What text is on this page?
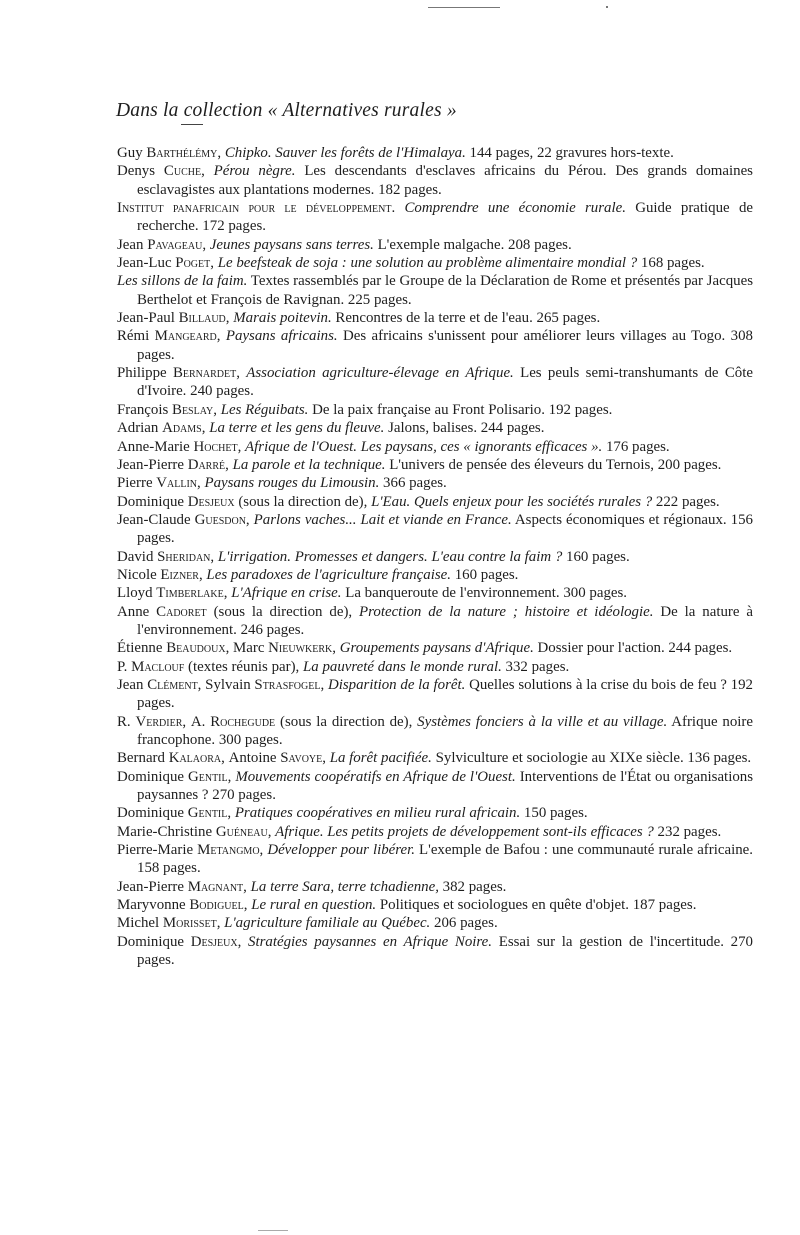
Dans la collection « Alternatives rurales »
Guy Barthélémy, Chipko. Sauver les forêts de l'Himalaya. 144 pages, 22 gravures hors-texte.
Denys Cuche, Pérou nègre. Les descendants d'esclaves africains du Pérou. Des grands domaines esclavagistes aux plantations modernes. 182 pages.
Institut panafricain pour le développement. Comprendre une économie rurale. Guide pratique de recherche. 172 pages.
Jean Pavageau, Jeunes paysans sans terres. L'exemple malgache. 208 pages.
Jean-Luc Poget, Le beefsteak de soja : une solution au problème alimentaire mondial ? 168 pages.
Les sillons de la faim. Textes rassemblés par le Groupe de la Déclaration de Rome et présentés par Jacques Berthelot et François de Ravignan. 225 pages.
Jean-Paul Billaud, Marais poitevin. Rencontres de la terre et de l'eau. 265 pages.
Rémi Mangeard, Paysans africains. Des africains s'unissent pour améliorer leurs villages au Togo. 308 pages.
Philippe Bernardet, Association agriculture-élevage en Afrique. Les peuls semi-transhumants de Côte d'Ivoire. 240 pages.
François Beslay, Les Réguibats. De la paix française au Front Polisario. 192 pages.
Adrian Adams, La terre et les gens du fleuve. Jalons, balises. 244 pages.
Anne-Marie Hochet, Afrique de l'Ouest. Les paysans, ces « ignorants efficaces ». 176 pages.
Jean-Pierre Darré, La parole et la technique. L'univers de pensée des éleveurs du Ternois, 200 pages.
Pierre Vallin, Paysans rouges du Limousin. 366 pages.
Dominique Desjeux (sous la direction de), L'Eau. Quels enjeux pour les sociétés rurales ? 222 pages.
Jean-Claude Guesdon, Parlons vaches... Lait et viande en France. Aspects économiques et régionaux. 156 pages.
David Sheridan, L'irrigation. Promesses et dangers. L'eau contre la faim ? 160 pages.
Nicole Eizner, Les paradoxes de l'agriculture française. 160 pages.
Lloyd Timberlake, L'Afrique en crise. La banqueroute de l'environnement. 300 pages.
Anne Cadoret (sous la direction de), Protection de la nature ; histoire et idéologie. De la nature à l'environnement. 246 pages.
Étienne Beaudoux, Marc Nieuwkerk, Groupements paysans d'Afrique. Dossier pour l'action. 244 pages.
P. Maclouf (textes réunis par), La pauvreté dans le monde rural. 332 pages.
Jean Clément, Sylvain Strasfogel, Disparition de la forêt. Quelles solutions à la crise du bois de feu ? 192 pages.
R. Verdier, A. Rochegude (sous la direction de), Systèmes fonciers à la ville et au village. Afrique noire francophone. 300 pages.
Bernard Kalaora, Antoine Savoye, La forêt pacifiée. Sylviculture et sociologie au XIXe siècle. 136 pages.
Dominique Gentil, Mouvements coopératifs en Afrique de l'Ouest. Interventions de l'État ou organisations paysannes ? 270 pages.
Dominique Gentil, Pratiques coopératives en milieu rural africain. 150 pages.
Marie-Christine Guéneau, Afrique. Les petits projets de développement sont-ils efficaces ? 232 pages.
Pierre-Marie Metangmo, Développer pour libérer. L'exemple de Bafou : une communauté rurale africaine. 158 pages.
Jean-Pierre Magnant, La terre Sara, terre tchadienne, 382 pages.
Maryvonne Bodiguel, Le rural en question. Politiques et sociologues en quête d'objet. 187 pages.
Michel Morisset, L'agriculture familiale au Québec. 206 pages.
Dominique Desjeux, Stratégies paysannes en Afrique Noire. Essai sur la gestion de l'incertitude. 270 pages.
